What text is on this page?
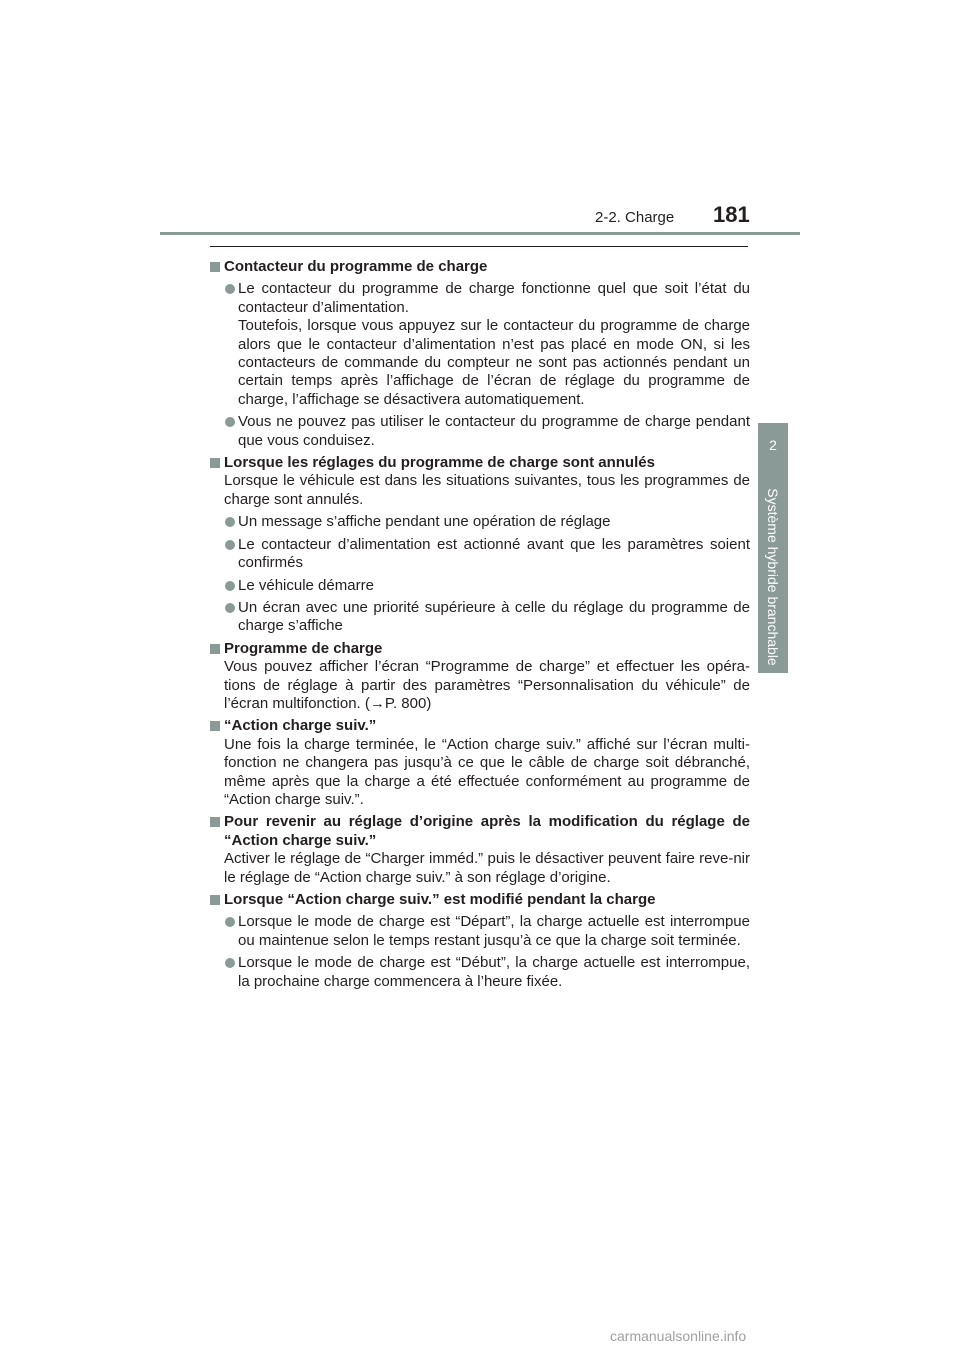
2-2. Charge 181
2
Système hybride branchable
Contacteur du programme de charge
Le contacteur du programme de charge fonctionne quel que soit l’état du contacteur d’alimentation.
Toutefois, lorsque vous appuyez sur le contacteur du programme de charge alors que le contacteur d’alimentation n’est pas placé en mode ON, si les contacteurs de commande du compteur ne sont pas actionnés pendant un certain temps après l’affichage de l’écran de réglage du programme de charge, l’affichage se désactivera automatiquement.
Vous ne pouvez pas utiliser le contacteur du programme de charge pendant que vous conduisez.
Lorsque les réglages du programme de charge sont annulés
Lorsque le véhicule est dans les situations suivantes, tous les programmes de charge sont annulés.
Un message s’affiche pendant une opération de réglage
Le contacteur d’alimentation est actionné avant que les paramètres soient confirmés
Le véhicule démarre
Un écran avec une priorité supérieure à celle du réglage du programme de charge s’affiche
Programme de charge
Vous pouvez afficher l’écran “Programme de charge” et effectuer les opéra-tions de réglage à partir des paramètres “Personnalisation du véhicule” de l’écran multifonction. (→P. 800)
“Action charge suiv.”
Une fois la charge terminée, le “Action charge suiv.” affiché sur l’écran multi-fonction ne changera pas jusqu’à ce que le câble de charge soit débranché, même après que la charge a été effectuée conformément au programme de “Action charge suiv.”.
Pour revenir au réglage d’origine après la modification du réglage de “Action charge suiv.”
Activer le réglage de “Charger imméd.” puis le désactiver peuvent faire reve-nir le réglage de “Action charge suiv.” à son réglage d’origine.
Lorsque “Action charge suiv.” est modifié pendant la charge
Lorsque le mode de charge est “Départ”, la charge actuelle est interrompue ou maintenue selon le temps restant jusqu’à ce que la charge soit terminée.
Lorsque le mode de charge est “Début”, la charge actuelle est interrompue, la prochaine charge commencera à l’heure fixée.
carmanualsonline.info
